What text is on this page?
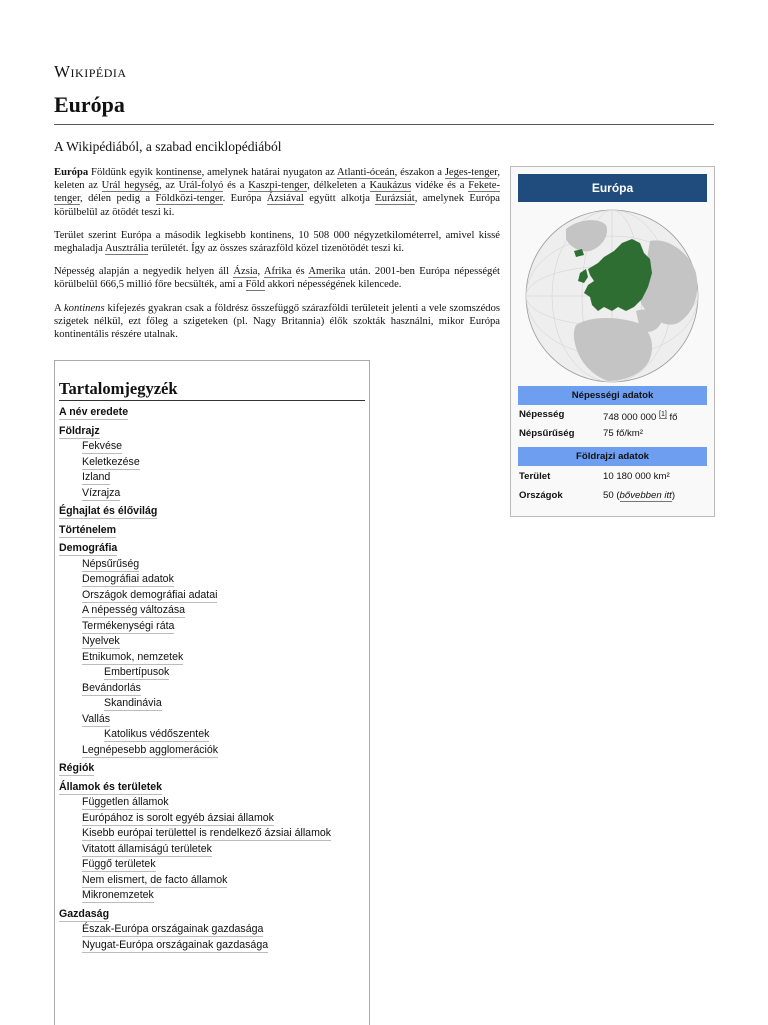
Wikipédia
Európa
A Wikipédiából, a szabad enciklopédiából

Európa Földünk egyik kontinense, amelynek határai nyugaton az Atlanti-óceán, északon a Jeges-tenger, keleten az Urál hegység, az Urál-folyó és a Kaszpi-tenger, délkeleten a Kaukázus vidéke és a Fekete-tenger, délen pedig a Földközi-tenger. Európa Ázsiával együtt alkotja Eurázsiát, amelynek Európa körülbelül az ötödét teszi ki.

Terület szerint Európa a második legkisebb kontinens, 10 508 000 négyzetkilométerrel, amivel kissé meghaladja Ausztrália területét. Így az összes szárazföld közel tizenötödét teszi ki.

Népesség alapján a negyedik helyen áll Ázsia, Afrika és Amerika után. 2001-ben Európa népességét körülbelül 666,5 millió főre becsülték, ami a Föld akkori népességének kilencede.

A kontinens kifejezés gyakran csak a földrész összefüggő szárazföldi területeit jelenti a vele szomszédos szigetek nélkül, ezt főleg a szigeteken (pl. Nagy Britannia) élők szokták használni, mikor Európa kontinentális részére utalnak.

Európa
Népességi adatok
Népesség	748 000 000 [1] fő
Népsűrűség	75 fő/km²
Földrajzi adatok
Terület	10 180 000 km²
Országok	50 (bővebben itt)
Tartalomjegyzék
A név eredete
Földrajz
Fekvése
Keletkezése
Izland
Vízrajza
Éghajlat és élővilág
Történelem
Demográfia
Népsűrűség
Demográfiai adatok
Országok demográfiai adatai
A népesség változása
Termékenységi ráta
Nyelvek
Etnikumok, nemzetek
Embertípusok
Bevándorlás
Skandinávia
Vallás
Katolikus védőszentek
Legnépesebb agglomerációk
Régiók
Államok és területek
Független államok
Európához is sorolt egyéb ázsiai államok
Kisebb európai területtel is rendelkező ázsiai államok
Vitatott államiságú területek
Függő területek
Nem elismert, de facto államok
Mikronemzetek
Gazdaság
Észak-Európa országainak gazdasága
Nyugat-Európa országainak gazdasága
